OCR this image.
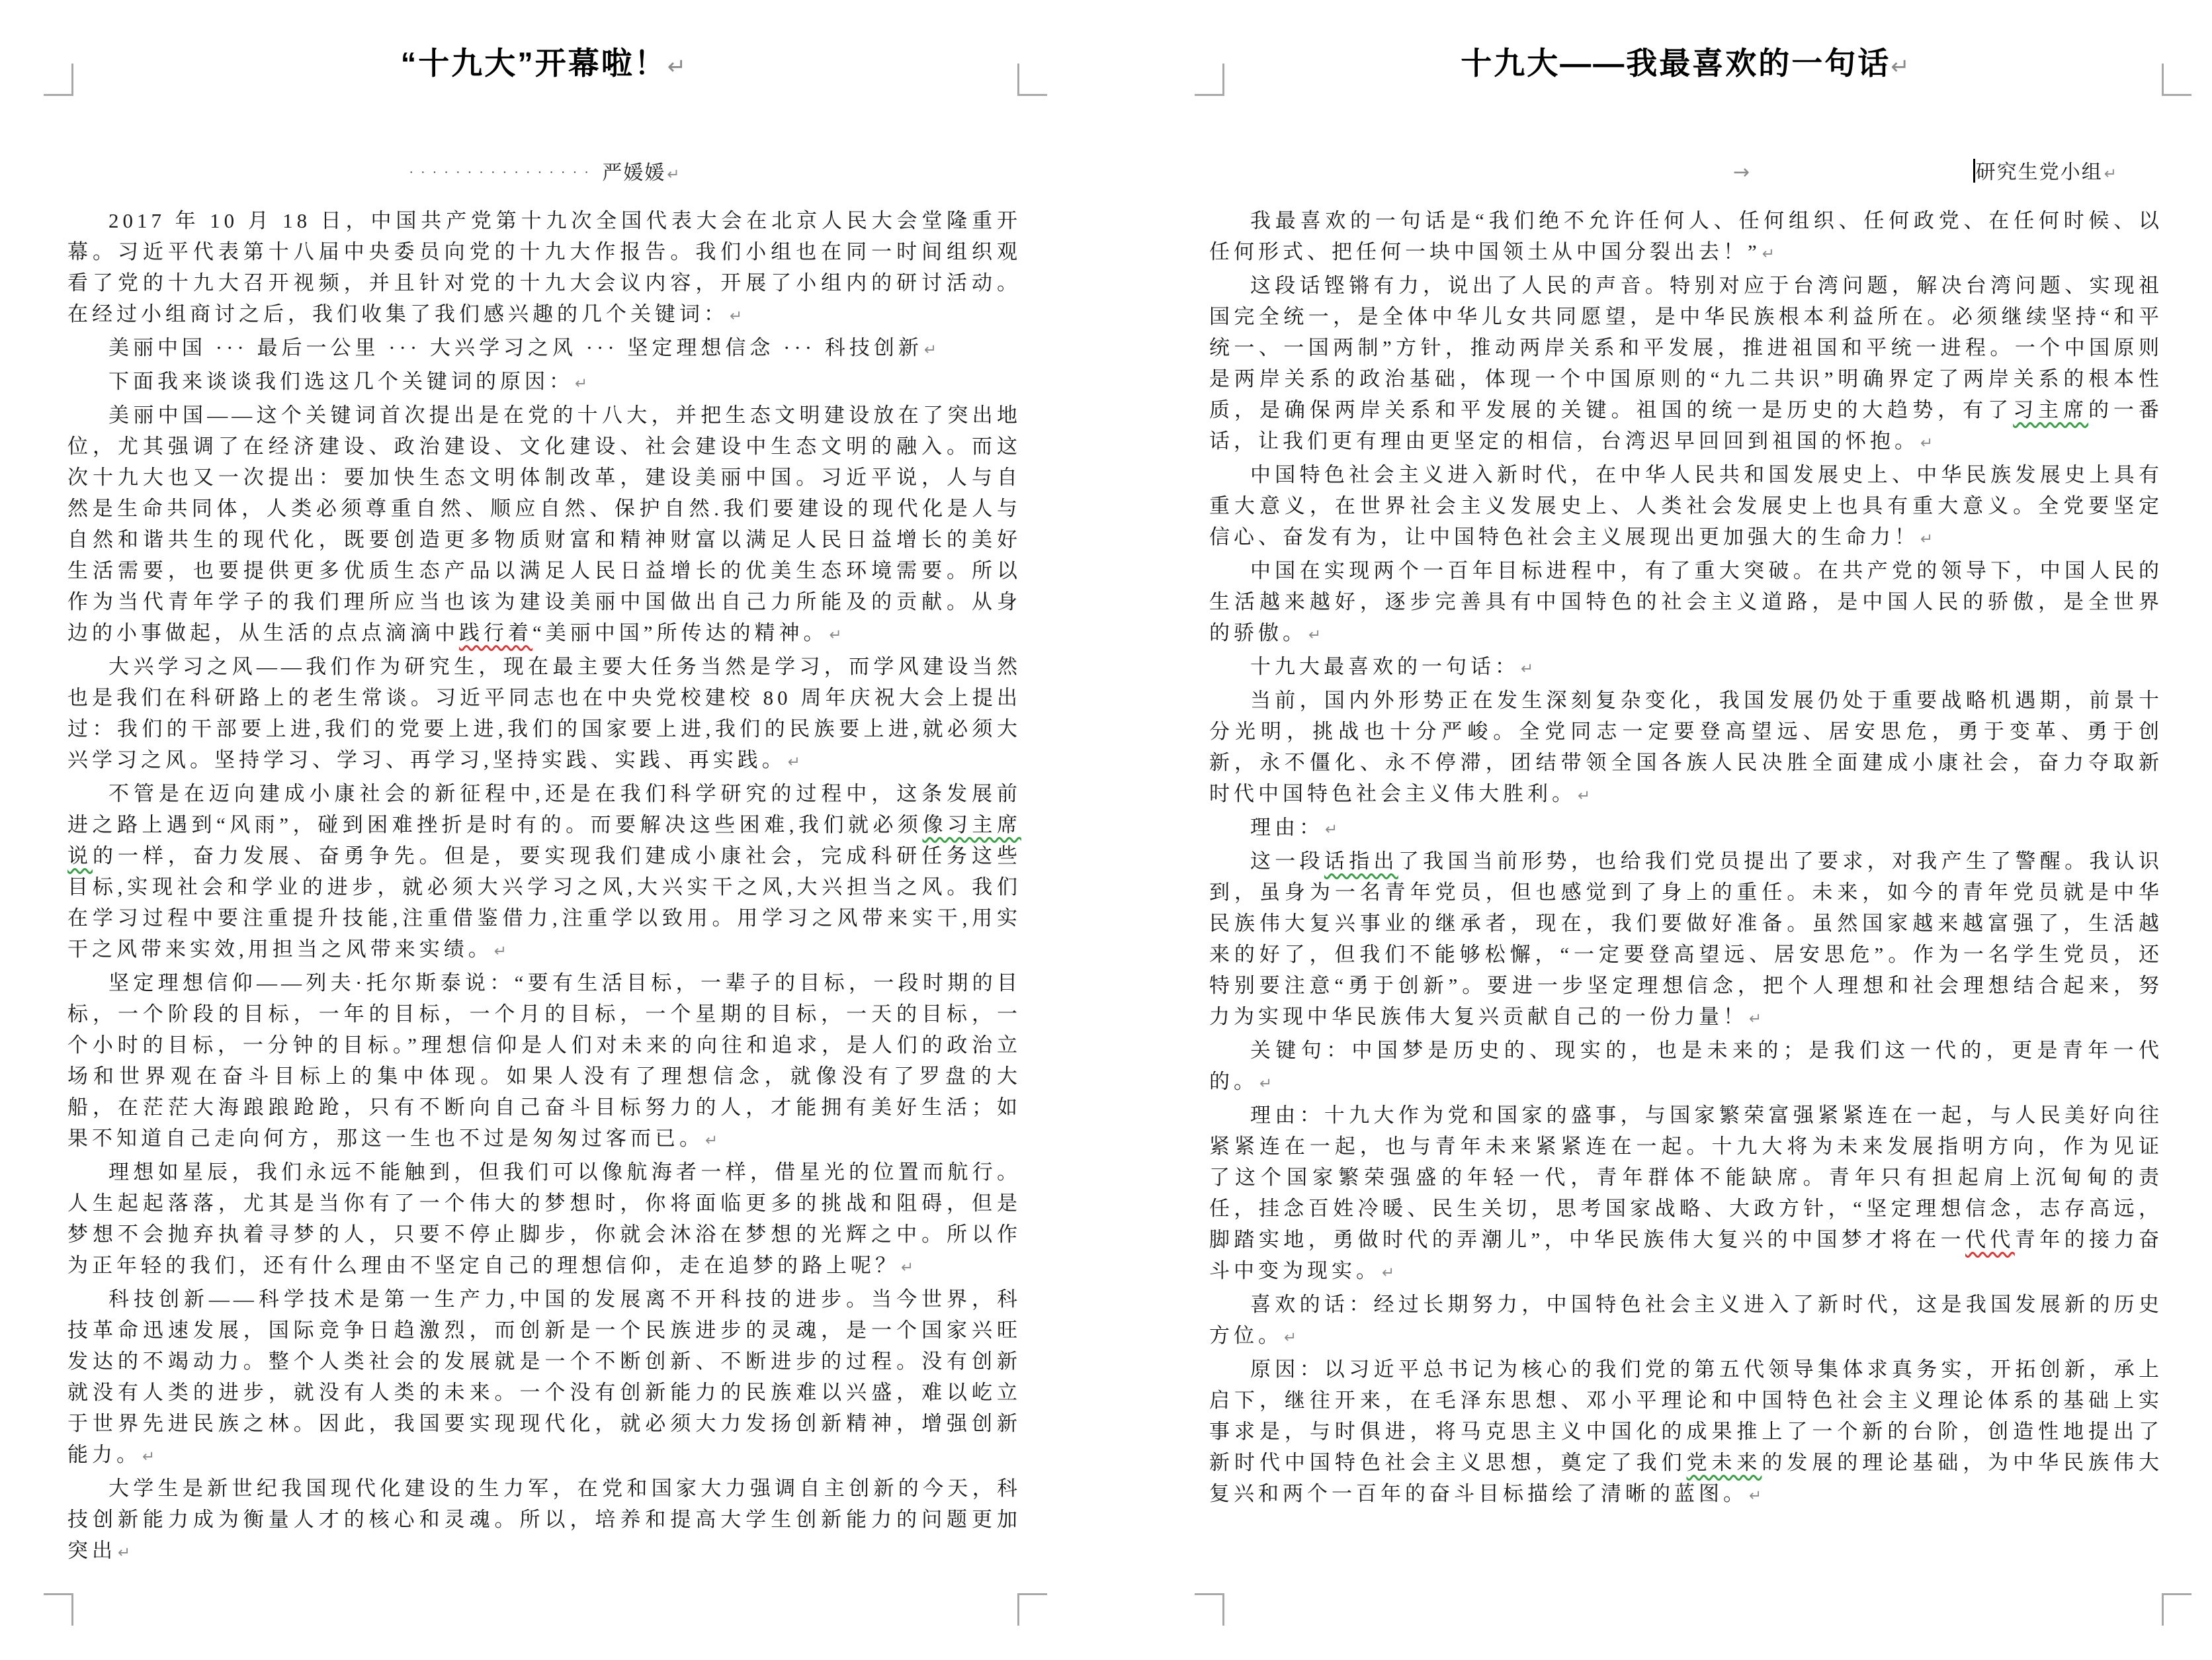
“十九大”开幕啦！↵
················ 严媛媛↵
2017 年 10 月 18 日，中国共产党第十九次全国代表大会在北京人民大会堂隆重开幕。习近平代表第十八届中央委员向党的十九大作报告。我们小组也在同一时间组织观看了党的十九大召开视频，并且针对党的十九大会议内容，开展了小组内的研讨活动。在经过小组商讨之后，我们收集了我们感兴趣的几个关键词：↵
美丽中国 ··· 最后一公里 ··· 大兴学习之风 ··· 坚定理想信念 ··· 科技创新↵
下面我来谈谈我们选这几个关键词的原因：↵
美丽中国——这个关键词首次提出是在党的十八大，并把生态文明建设放在了突出地位，尤其强调了在经济建设、政治建设、文化建设、社会建设中生态文明的融入。而这次十九大也又一次提出：要加快生态文明体制改革，建设美丽中国。习近平说，人与自然是生命共同体，人类必须尊重自然、顺应自然、保护自然.我们要建设的现代化是人与自然和谐共生的现代化，既要创造更多物质财富和精神财富以满足人民日益增长的美好生活需要，也要提供更多优质生态产品以满足人民日益增长的优美生态环境需要。所以作为当代青年学子的我们理所应当也该为建设美丽中国做出自己力所能及的贡献。从身边的小事做起，从生活的点点滴滴中践行着“美丽中国”所传达的精神。↵
大兴学习之风——我们作为研究生，现在最主要大任务当然是学习，而学风建设当然也是我们在科研路上的老生常谈。习近平同志也在中央党校建校 80 周年庆祝大会上提出过：我们的干部要上进,我们的党要上进,我们的国家要上进,我们的民族要上进,就必须大兴学习之风。坚持学习、学习、再学习,坚持实践、实践、再实践。↵
不管是在迈向建成小康社会的新征程中,还是在我们科学研究的过程中，这条发展前进之路上遇到“风雨”，碰到困难挫折是时有的。而要解决这些困难,我们就必须像习主席说的一样，奋力发展、奋勇争先。但是，要实现我们建成小康社会，完成科研任务这些目标,实现社会和学业的进步，就必须大兴学习之风,大兴实干之风,大兴担当之风。我们在学习过程中要注重提升技能,注重借鉴借力,注重学以致用。用学习之风带来实干,用实干之风带来实效,用担当之风带来实绩。↵
坚定理想信仰——列夫·托尔斯泰说：“要有生活目标，一辈子的目标，一段时期的目标，一个阶段的目标，一年的目标，一个月的目标，一个星期的目标，一天的目标，一个小时的目标，一分钟的目标。”理想信仰是人们对未来的向往和追求，是人们的政治立场和世界观在奋斗目标上的集中体现。如果人没有了理想信念，就像没有了罗盘的大船，在茫茫大海踉踉跄跄，只有不断向自己奋斗目标努力的人，才能拥有美好生活；如果不知道自己走向何方，那这一生也不过是匆匆过客而已。↵
理想如星辰，我们永远不能触到，但我们可以像航海者一样，借星光的位置而航行。人生起起落落，尤其是当你有了一个伟大的梦想时，你将面临更多的挑战和阻碍，但是梦想不会抛弃执着寻梦的人，只要不停止脚步，你就会沐浴在梦想的光辉之中。所以作为正年轻的我们，还有什么理由不坚定自己的理想信仰，走在追梦的路上呢？↵
科技创新——科学技术是第一生产力,中国的发展离不开科技的进步。当今世界，科技革命迅速发展，国际竞争日趋激烈，而创新是一个民族进步的灵魂，是一个国家兴旺发达的不竭动力。整个人类社会的发展就是一个不断创新、不断进步的过程。没有创新就没有人类的进步，就没有人类的未来。一个没有创新能力的民族难以兴盛，难以屹立于世界先进民族之林。因此，我国要实现现代化，就必须大力发扬创新精神，增强创新能力。↵
大学生是新世纪我国现代化建设的生力军，在党和国家大力强调自主创新的今天，科技创新能力成为衡量人才的核心和灵魂。所以，培养和提高大学生创新能力的问题更加突出↵
十九大——我最喜欢的一句话↵
→	研究生党小组↵
我最喜欢的一句话是“我们绝不允许任何人、任何组织、任何政党、在任何时候、以任何形式、把任何一块中国领土从中国分裂出去！”↵
这段话铿锵有力，说出了人民的声音。特别对应于台湾问题，解决台湾问题、实现祖国完全统一，是全体中华儿女共同愿望，是中华民族根本利益所在。必须继续坚持“和平统一、一国两制”方针，推动两岸关系和平发展，推进祖国和平统一进程。一个中国原则是两岸关系的政治基础，体现一个中国原则的“九二共识”明确界定了两岸关系的根本性质，是确保两岸关系和平发展的关键。祖国的统一是历史的大趋势，有了习主席的一番话，让我们更有理由更坚定的相信，台湾迟早回回到祖国的怀抱。↵
中国特色社会主义进入新时代，在中华人民共和国发展史上、中华民族发展史上具有重大意义，在世界社会主义发展史上、人类社会发展史上也具有重大意义。全党要坚定信心、奋发有为，让中国特色社会主义展现出更加强大的生命力！↵
中国在实现两个一百年目标进程中，有了重大突破。在共产党的领导下，中国人民的生活越来越好，逐步完善具有中国特色的社会主义道路，是中国人民的骄傲，是全世界的骄傲。↵
十九大最喜欢的一句话：↵
当前，国内外形势正在发生深刻复杂变化，我国发展仍处于重要战略机遇期，前景十分光明，挑战也十分严峻。全党同志一定要登高望远、居安思危，勇于变革、勇于创新，永不僵化、永不停滞，团结带领全国各族人民决胜全面建成小康社会，奋力夺取新时代中国特色社会主义伟大胜利。↵
理由：↵
这一段话指出了我国当前形势，也给我们党员提出了要求，对我产生了警醒。我认识到，虽身为一名青年党员，但也感觉到了身上的重任。未来，如今的青年党员就是中华民族伟大复兴事业的继承者，现在，我们要做好准备。虽然国家越来越富强了，生活越来的好了，但我们不能够松懈，“一定要登高望远、居安思危”。作为一名学生党员，还特别要注意“勇于创新”。要进一步坚定理想信念，把个人理想和社会理想结合起来，努力为实现中华民族伟大复兴贡献自己的一份力量！↵
关键句：中国梦是历史的、现实的，也是未来的；是我们这一代的，更是青年一代的。↵
理由：十九大作为党和国家的盛事，与国家繁荣富强紧紧连在一起，与人民美好向往紧紧连在一起，也与青年未来紧紧连在一起。十九大将为未来发展指明方向，作为见证了这个国家繁荣强盛的年轻一代，青年群体不能缺席。青年只有担起肩上沉甸甸的责任，挂念百姓冷暖、民生关切，思考国家战略、大政方针，“坚定理想信念，志存高远，脚踏实地，勇做时代的弄潮儿”，中华民族伟大复兴的中国梦才将在一代代青年的接力奋斗中变为现实。↵
喜欢的话：经过长期努力，中国特色社会主义进入了新时代，这是我国发展新的历史方位。↵
原因：以习近平总书记为核心的我们党的第五代领导集体求真务实，开拓创新，承上启下，继往开来，在毛泽东思想、邓小平理论和中国特色社会主义理论体系的基础上实事求是，与时俱进，将马克思主义中国化的成果推上了一个新的台阶，创造性地提出了新时代中国特色社会主义思想，奠定了我们党未来的发展的理论基础，为中华民族伟大复兴和两个一百年的奋斗目标描绘了清晰的蓝图。↵
